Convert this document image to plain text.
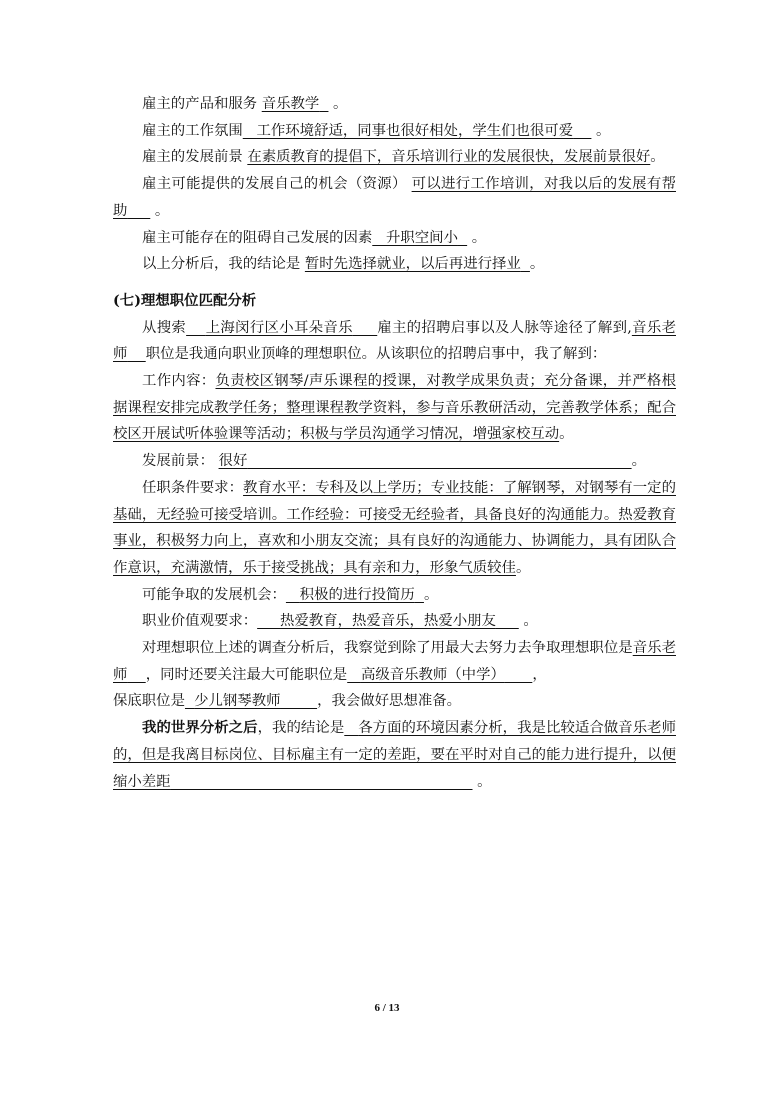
雇主的产品和服务 音乐教学 。

雇主的工作氛围 工作环境舒适，同事也很好相处，学生们也很可爱 。

雇主的发展前景 在素质教育的提倡下，音乐培训行业的发展很快，发展前景很好。

雇主可能提供的发展自己的机会（资源） 可以进行工作培训，对我以后的发展有帮助 。

雇主可能存在的阻碍自己发展的因素 升职空间小 。

以上分析后，我的结论是 暂时先选择就业，以后再进行择业 。

(七)理想职位匹配分析

从搜索 上海闵行区小耳朵音乐 雇主的招聘启事以及人脉等途径了解到,音乐老师 职位是我通向职业顶峰的理想职位。从该职位的招聘启事中，我了解到：

工作内容：负责校区钢琴/声乐课程的授课，对教学成果负责；充分备课，并严格根据课程安排完成教学任务；整理课程教学资料，参与音乐教研活动，完善教学体系；配合校区开展试听体验课等活动；积极与学员沟通学习情况，增强家校互动。

发展前景： 很好	。

任职条件要求：教育水平：专科及以上学历；专业技能：了解钢琴，对钢琴有一定的基础，无经验可接受培训。工作经验：可接受无经验者，具备良好的沟通能力。热爱教育事业，积极努力向上，喜欢和小朋友交流；具有良好的沟通能力、协调能力，具有团队合作意识，充满激情，乐于接受挑战；具有亲和力，形象气质较佳。

可能争取的发展机会： 积极的进行投简历 。

职业价值观要求： 热爱教育，热爱音乐，热爱小朋友 。

对理想职位上述的调查分析后，我察觉到除了用最大去努力去争取理想职位是音乐老师 ，同时还要关注最大可能职位是 高级音乐教师（中学） ，

保底职位是 少儿钢琴教师	，我会做好思想准备。

我的世界分析之后，我的结论是 各方面的环境因素分析，我是比较适合做音乐老师的，但是我离目标岗位、目标雇主有一定的差距，要在平时对自己的能力进行提升，以便缩小差距	。

6 / 13
